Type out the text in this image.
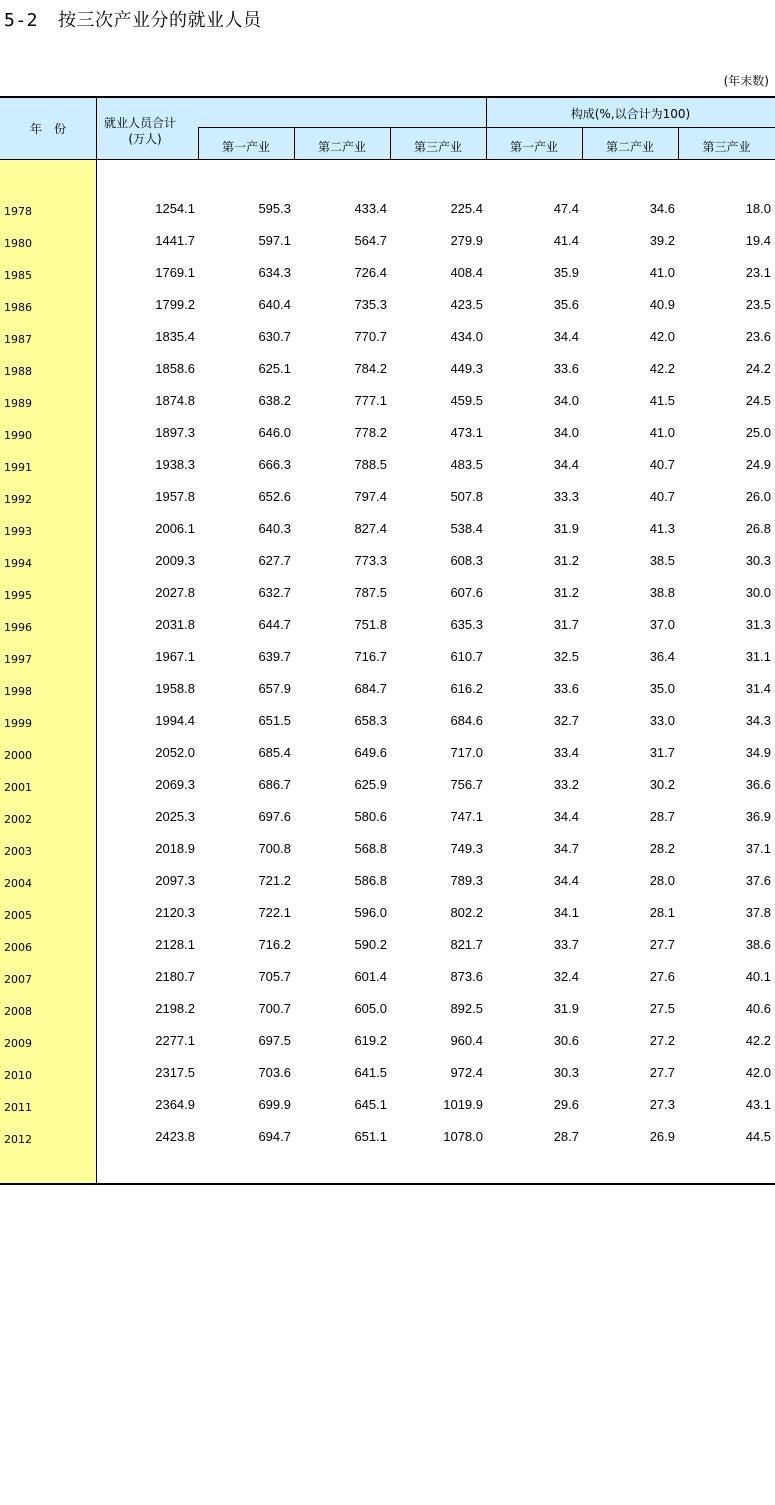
5-2 按三次产业分的就业人员
(年末数)
年　份	就业人员合计
(万人)
构成(%,以合计为100)
第一产业	第二产业	第三产业	第一产业	第二产业	第三产业
1978	1254.1	595.3	433.4	225.4	47.4	34.6	18.0
1980	1441.7	597.1	564.7	279.9	41.4	39.2	19.4
1985	1769.1	634.3	726.4	408.4	35.9	41.0	23.1
1986	1799.2	640.4	735.3	423.5	35.6	40.9	23.5
1987	1835.4	630.7	770.7	434.0	34.4	42.0	23.6
1988	1858.6	625.1	784.2	449.3	33.6	42.2	24.2
1989	1874.8	638.2	777.1	459.5	34.0	41.5	24.5
1990	1897.3	646.0	778.2	473.1	34.0	41.0	25.0
1991	1938.3	666.3	788.5	483.5	34.4	40.7	24.9
1992	1957.8	652.6	797.4	507.8	33.3	40.7	26.0
1993	2006.1	640.3	827.4	538.4	31.9	41.3	26.8
1994	2009.3	627.7	773.3	608.3	31.2	38.5	30.3
1995	2027.8	632.7	787.5	607.6	31.2	38.8	30.0
1996	2031.8	644.7	751.8	635.3	31.7	37.0	31.3
1997	1967.1	639.7	716.7	610.7	32.5	36.4	31.1
1998	1958.8	657.9	684.7	616.2	33.6	35.0	31.4
1999	1994.4	651.5	658.3	684.6	32.7	33.0	34.3
2000	2052.0	685.4	649.6	717.0	33.4	31.7	34.9
2001	2069.3	686.7	625.9	756.7	33.2	30.2	36.6
2002	2025.3	697.6	580.6	747.1	34.4	28.7	36.9
2003	2018.9	700.8	568.8	749.3	34.7	28.2	37.1
2004	2097.3	721.2	586.8	789.3	34.4	28.0	37.6
2005	2120.3	722.1	596.0	802.2	34.1	28.1	37.8
2006	2128.1	716.2	590.2	821.7	33.7	27.7	38.6
2007	2180.7	705.7	601.4	873.6	32.4	27.6	40.1
2008	2198.2	700.7	605.0	892.5	31.9	27.5	40.6
2009	2277.1	697.5	619.2	960.4	30.6	27.2	42.2
2010	2317.5	703.6	641.5	972.4	30.3	27.7	42.0
2011	2364.9	699.9	645.1	1019.9	29.6	27.3	43.1
2012	2423.8	694.7	651.1	1078.0	28.7	26.9	44.5
